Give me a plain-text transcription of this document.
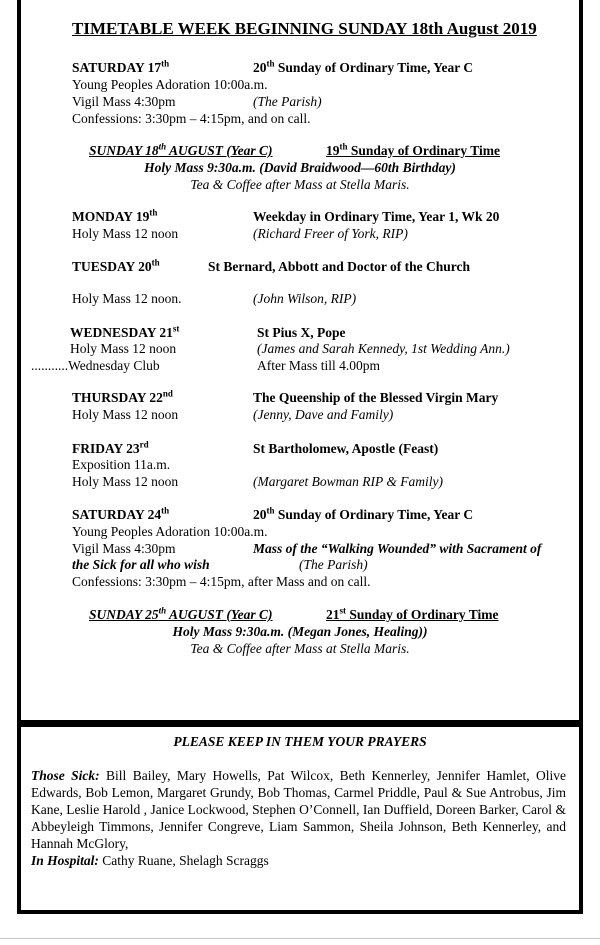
TIMETABLE WEEK BEGINNING SUNDAY 18th August 2019
SATURDAY 17th	20th Sunday of Ordinary Time, Year C
Young Peoples Adoration 10:00a.m.
Vigil Mass 4:30pm	(The Parish)
Confessions: 3:30pm – 4:15pm, and on call.
SUNDAY 18th AUGUST (Year C)	19th Sunday of Ordinary Time
Holy Mass 9:30a.m. (David Braidwood—60th Birthday)
Tea & Coffee after Mass at Stella Maris.
MONDAY 19th	Weekday in Ordinary Time, Year 1, Wk 20
Holy Mass 12 noon	(Richard Freer of York, RIP)
TUESDAY 20th	St Bernard, Abbott and Doctor of the Church
Holy Mass 12 noon.	(John Wilson, RIP)
WEDNESDAY 21st	St Pius X, Pope
Holy Mass 12 noon	(James and Sarah Kennedy, 1st Wedding Ann.)
...........Wednesday Club	After Mass till 4.00pm
THURSDAY 22nd	The Queenship of the Blessed Virgin Mary
Holy Mass 12 noon	(Jenny, Dave and Family)
FRIDAY 23rd	St Bartholomew, Apostle (Feast)
Exposition 11a.m.
Holy Mass 12 noon	(Margaret Bowman RIP & Family)
SATURDAY 24th	20th Sunday of Ordinary Time, Year C
Young Peoples Adoration 10:00a.m.
Vigil Mass 4:30pm	Mass of the “Walking Wounded” with Sacrament of
the Sick for all who wish	(The Parish)
Confessions: 3:30pm – 4:15pm, after Mass and on call.
SUNDAY 25th AUGUST (Year C)	21st Sunday of Ordinary Time
Holy Mass 9:30a.m. (Megan Jones, Healing))
Tea & Coffee after Mass at Stella Maris.
PLEASE KEEP IN THEM YOUR PRAYERS
Those Sick: Bill Bailey, Mary Howells, Pat Wilcox, Beth Kennerley, Jennifer Hamlet, Olive Edwards, Bob Lemon, Margaret Grundy, Bob Thomas, Carmel Priddle, Paul & Sue Antrobus, Jim Kane, Leslie Harold , Janice Lockwood, Stephen O’Connell, Ian Duffield, Doreen Barker, Carol & Abbeyleigh Timmons, Jennifer Congreve, Liam Sammon, Sheila Johnson, Beth Kennerley, and Hannah McGlory,
In Hospital: Cathy Ruane, Shelagh Scraggs
